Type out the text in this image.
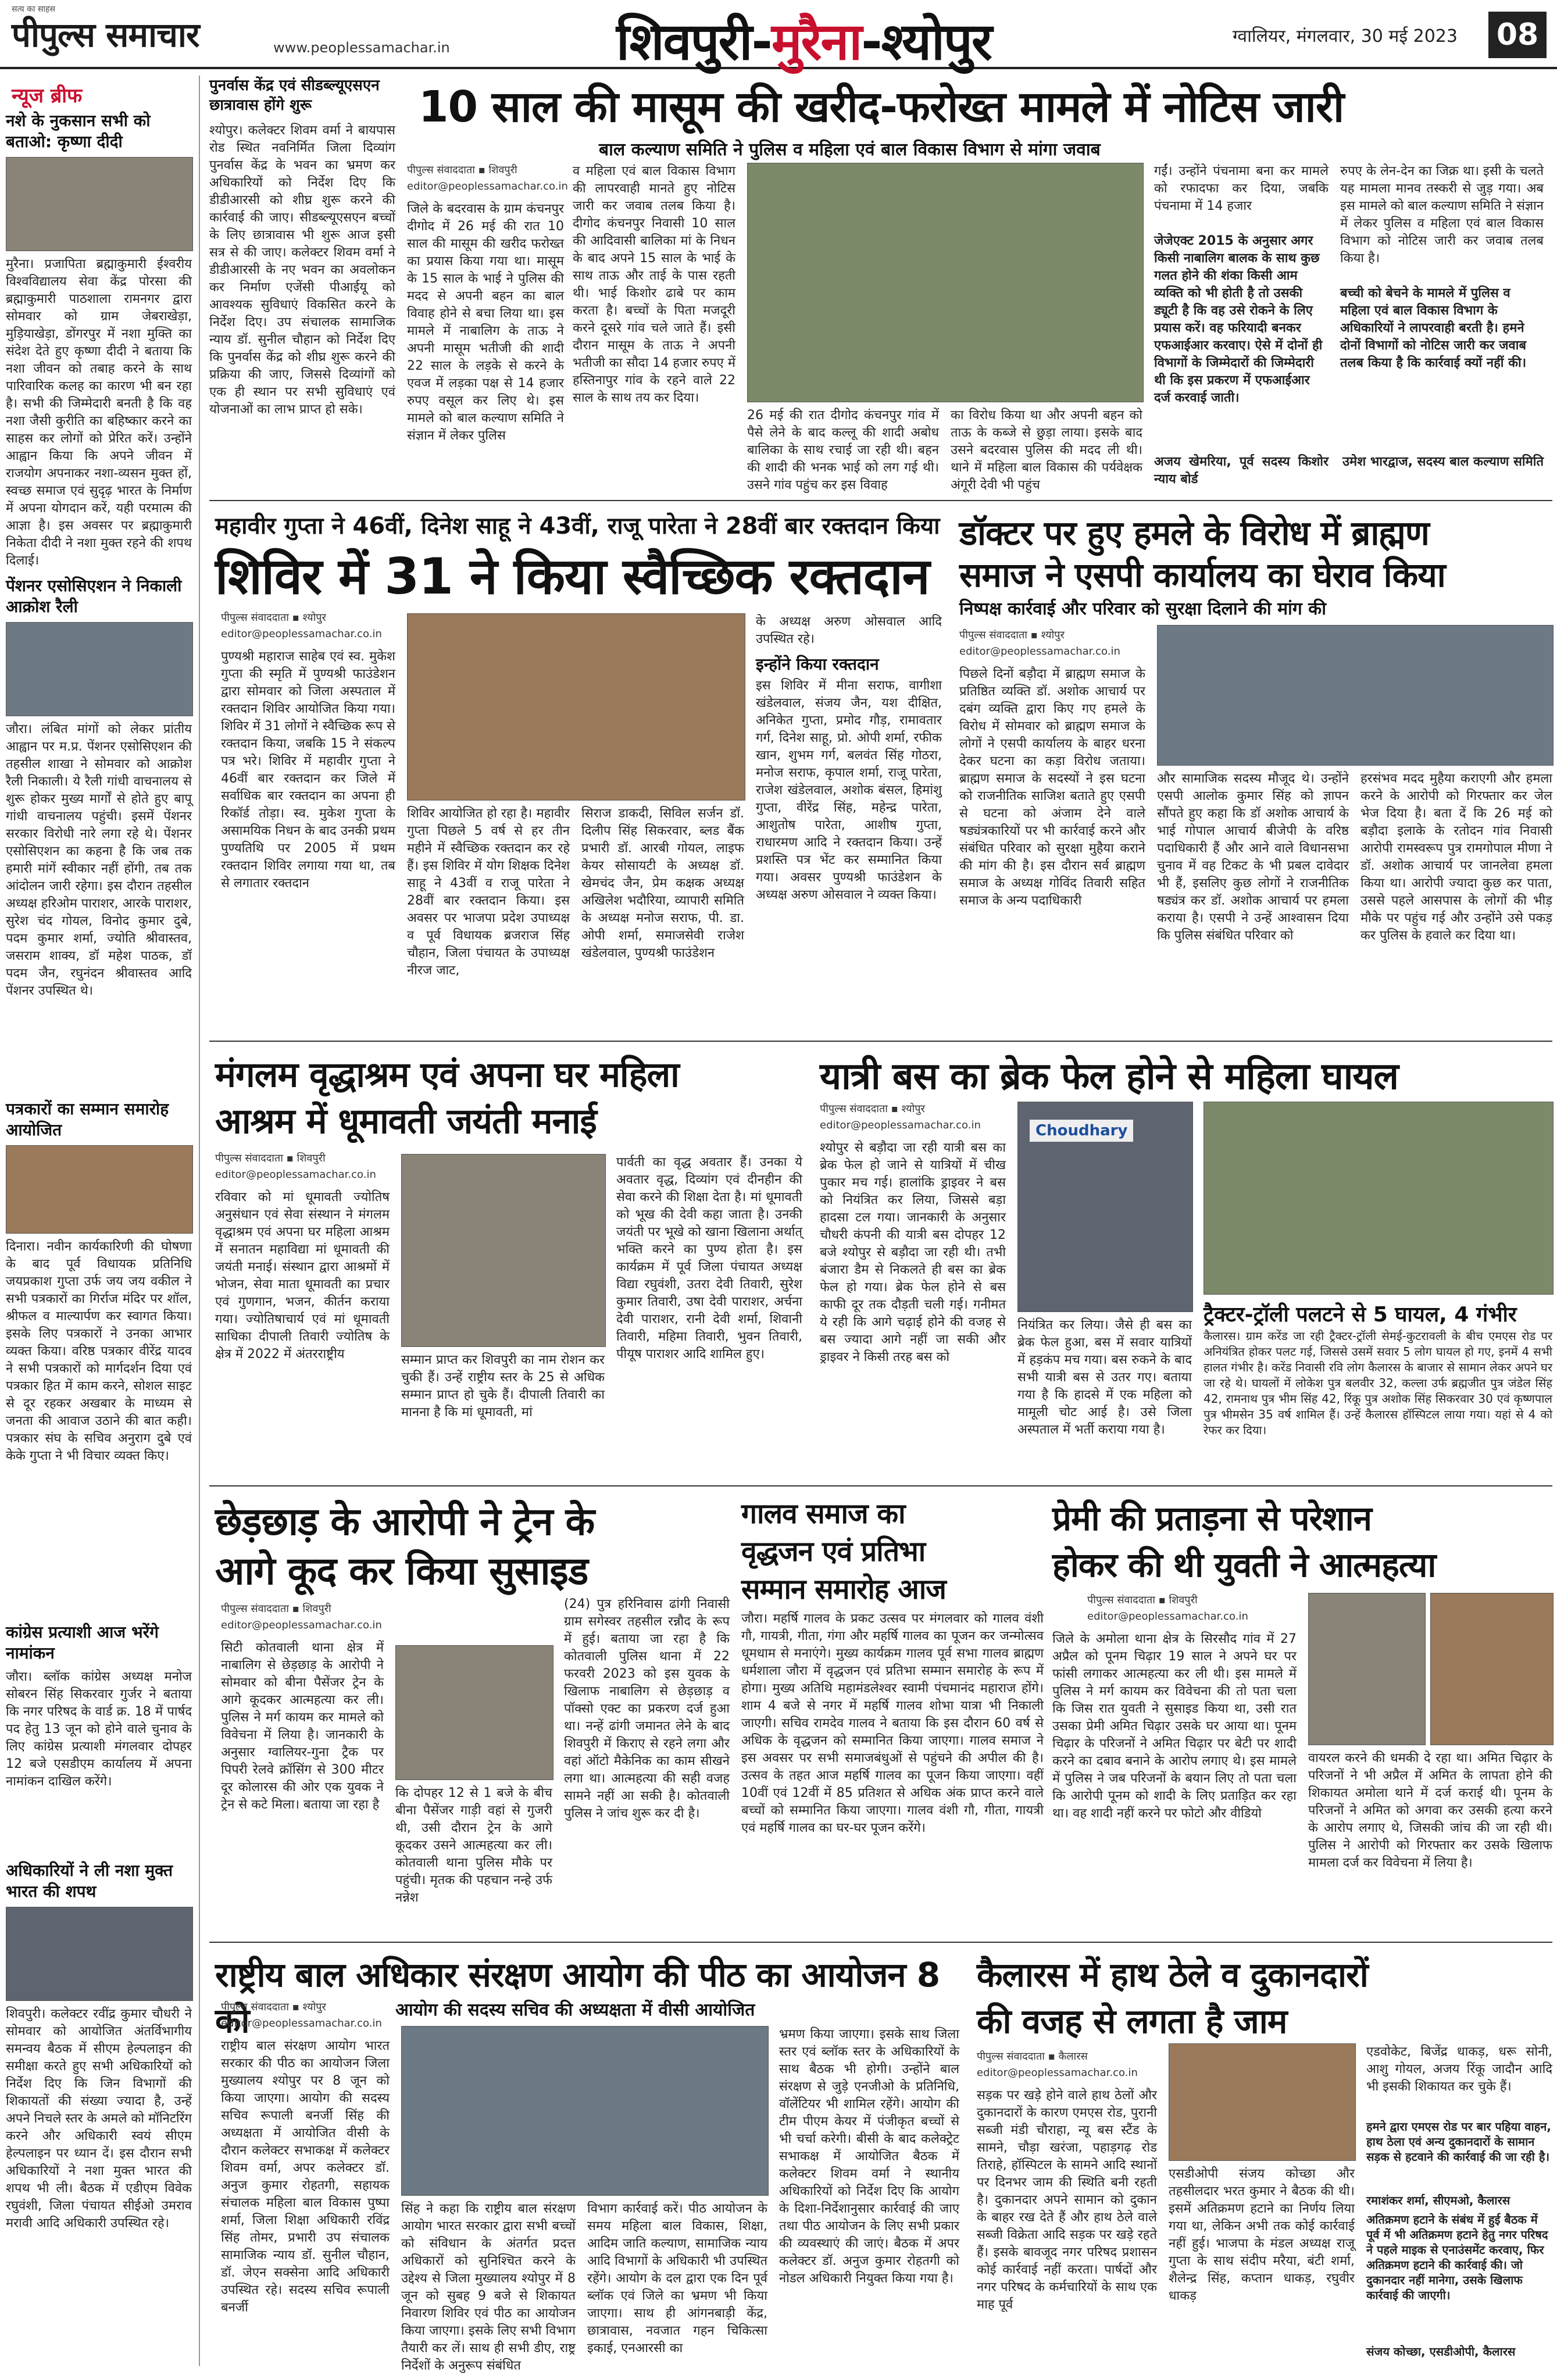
सत्य का साहस
पीपुल्स समाचार	www.peoplessamachar.in	शिवपुरी-मुरैना-श्योपुर	ग्वालियर, मंगलवार, 30 मई 2023 08
न्यूज ब्रीफ
नशे के नुकसान सभी को बताओ: कृष्णा दीदी
मुरैना। प्रजापिता ब्रह्माकुमारी ईश्वरीय विश्वविद्यालय सेवा केंद्र पोरसा की ब्रह्माकुमारी पाठशाला रामनगर द्वारा सोमवार को ग्राम जेबराखेड़ा, मुड़ियाखेड़ा, डोंगरपुर में नशा मुक्ति का संदेश देते हुए कृष्णा दीदी ने बताया कि नशा जीवन को तबाह करने के साथ पारिवारिक कलह का कारण भी बन रहा है। सभी की जिम्मेदारी बनती है कि वह नशा जैसी कुरीति का बहिष्कार करने का साहस कर लोगों को प्रेरित करें। उन्होंने आह्वान किया कि अपने जीवन में राजयोग अपनाकर नशा-व्यसन मुक्त हों, स्वच्छ समाज एवं सुदृढ़ भारत के निर्माण में अपना योगदान करें, यही परमात्म की आज्ञा है। इस अवसर पर ब्रह्माकुमारी निकेता दीदी ने नशा मुक्त रहने की शपथ दिलाई।
पेंशनर एसोसिएशन ने निकाली आक्रोश रैली
जौरा। लंबित मांगों को लेकर प्रांतीय आह्वान पर म.प्र. पेंशनर एसोसिएशन की तहसील शाखा ने सोमवार को आक्रोश रैली निकाली। ये रैली गांधी वाचनालय से शुरू होकर मुख्य मार्गों से होते हुए बापू गांधी वाचनालय पहुंची। इसमें पेंशनर सरकार विरोधी नारे लगा रहे थे। पेंशनर एसोसिएशन का कहना है कि जब तक हमारी मांगें स्वीकार नहीं होंगी, तब तक आंदोलन जारी रहेगा। इस दौरान तहसील अध्यक्ष हरिओम पाराशर, आरके पाराशर, सुरेश चंद गोयल, विनोद कुमार दुबे, पदम कुमार शर्मा, ज्योति श्रीवास्तव, जसराम शाक्य, डॉ महेश पाठक, डॉ पदम जैन, रघुनंदन श्रीवास्तव आदि पेंशनर उपस्थित थे।
पत्रकारों का सम्मान समारोह आयोजित
दिनारा। नवीन कार्यकारिणी की घोषणा के बाद पूर्व विधायक प्रतिनिधि जयप्रकाश गुप्ता उर्फ जय जय वकील ने सभी पत्रकारों का गिर्राज मंदिर पर शॉल, श्रीफल व माल्यार्पण कर स्वागत किया। इसके लिए पत्रकारों ने उनका आभार व्यक्त किया। वरिष्ठ पत्रकार वीरेंद्र यादव ने सभी पत्रकारों को मार्गदर्शन दिया एवं पत्रकार हित में काम करने, सोशल साइट से दूर रहकर अखबार के माध्यम से जनता की आवाज उठाने की बात कही। पत्रकार संघ के सचिव अनुराग दुबे एवं केके गुप्ता ने भी विचार व्यक्त किए।
कांग्रेस प्रत्याशी आज भरेंगे नामांकन
जौरा। ब्लॉक कांग्रेस अध्यक्ष मनोज सोबरन सिंह सिकरवार गुर्जर ने बताया कि नगर परिषद के वार्ड क्र. 18 में पार्षद पद हेतु 13 जून को होने वाले चुनाव के लिए कांग्रेस प्रत्याशी मंगलवार दोपहर 12 बजे एसडीएम कार्यालय में अपना नामांकन दाखिल करेंगे।
अधिकारियों ने ली नशा मुक्त भारत की शपथ
शिवपुरी। कलेक्टर रवींद्र कुमार चौधरी ने सोमवार को आयोजित अंतर्विभागीय समन्वय बैठक में सीएम हेल्पलाइन की समीक्षा करते हुए सभी अधिकारियों को निर्देश दिए कि जिन विभागों की शिकायतों की संख्या ज्यादा है, उन्हें अपने निचले स्तर के अमले को मॉनिटरिंग करने और अधिकारी स्वयं सीएम हेल्पलाइन पर ध्यान दें। इस दौरान सभी अधिकारियों ने नशा मुक्त भारत की शपथ भी ली। बैठक में एडीएम विवेक रघुवंशी, जिला पंचायत सीईओ उमराव मरावी आदि अधिकारी उपस्थित रहे।
पुनर्वास केंद्र एवं सीडब्ल्यूएसएन छात्रावास होंगे शुरू
श्योपुर। कलेक्टर शिवम वर्मा ने बायपास रोड स्थित नवनिर्मित जिला दिव्यांग पुनर्वास केंद्र के भवन का भ्रमण कर अधिकारियों को निर्देश दिए कि डीडीआरसी को शीघ्र शुरू करने की कार्रवाई की जाए। सीडब्ल्यूएसएन बच्चों के लिए छात्रावास भी शुरू आज इसी सत्र से की जाए। कलेक्टर शिवम वर्मा ने डीडीआरसी के नए भवन का अवलोकन कर निर्माण एजेंसी पीआईयू को आवश्यक सुविधाएं विकसित करने के निर्देश दिए। उप संचालक सामाजिक न्याय डॉ. सुनील चौहान को निर्देश दिए कि पुनर्वास केंद्र को शीघ्र शुरू करने की प्रक्रिया की जाए, जिससे दिव्यांगों को एक ही स्थान पर सभी सुविधाएं एवं योजनाओं का लाभ प्राप्त हो सके।
10 साल की मासूम की खरीद-फरोख्त मामले में नोटिस जारी
बाल कल्याण समिति ने पुलिस व महिला एवं बाल विकास विभाग से मांगा जवाब
पीपुल्स संवाददाता ▪ शिवपुरी
editor@peoplessamachar.co.in
जिले के बदरवास के ग्राम कंचनपुर दीगोद में 26 मई की रात 10 साल की मासूम की खरीद फरोख्त का प्रयास किया गया था। मासूम के 15 साल के भाई ने पुलिस की मदद से अपनी बहन का बाल विवाह होने से बचा लिया था। इस मामले में नाबालिग के ताऊ ने अपनी मासूम भतीजी की शादी 22 साल के लड़के से करने के एवज में लड़का पक्ष से 14 हजार रुपए वसूल कर लिए थे। इस मामले को बाल कल्याण समिति ने संज्ञान में लेकर पुलिस
व महिला एवं बाल विकास विभाग की लापरवाही मानते हुए नोटिस जारी कर जवाब तलब किया है। दीगोद कंचनपुर निवासी 10 साल की आदिवासी बालिका मां के निधन के बाद अपने 15 साल के भाई के साथ ताऊ और ताई के पास रहती थी। भाई किशोर ढाबे पर काम करता है। बच्चों के पिता मजदूरी करने दूसरे गांव चले जाते हैं। इसी दौरान मासूम के ताऊ ने अपनी भतीजी का सौदा 14 हजार रुपए में हस्तिनापुर गांव के रहने वाले 22 साल के साथ तय कर दिया।
26 मई की रात दीगोद कंचनपुर गांव में पैसे लेने के बाद कल्लू की शादी अबोध बालिका के साथ रचाई जा रही थी। बहन की शादी की भनक भाई को लग गई थी। उसने गांव पहुंच कर इस विवाह
का विरोध किया था और अपनी बहन को ताऊ के कब्जे से छुड़ा लाया। इसके बाद उसने बदरवास पुलिस की मदद ली थी। थाने में महिला बाल विकास की पर्यवेक्षक अंगूरी देवी भी पहुंच
गईं। उन्होंने पंचनामा बना कर मामले को रफादफा कर दिया, जबकि पंचनामा में 14 हजार
जेजेएक्ट 2015 के अनुसार अगर किसी नाबालिग बालक के साथ कुछ गलत होने की शंका किसी आम व्यक्ति को भी होती है तो उसकी ड्यूटी है कि वह उसे रोकने के लिए प्रयास करें। वह फरियादी बनकर एफआईआर करवाए। ऐसे में दोनों ही विभागों के जिम्मेदारों की जिम्मेदारी थी कि इस प्रकरण में एफआईआर दर्ज करवाई जाती।
अजय खेमरिया, पूर्व सदस्य किशोर न्याय बोर्ड
रुपए के लेन-देन का जिक्र था। इसी के चलते यह मामला मानव तस्करी से जुड़ गया। अब इस मामले को बाल कल्याण समिति ने संज्ञान में लेकर पुलिस व महिला एवं बाल विकास विभाग को नोटिस जारी कर जवाब तलब किया है।
बच्ची को बेचने के मामले में पुलिस व महिला एवं बाल विकास विभाग के अधिकारियों ने लापरवाही बरती है। हमने दोनों विभागों को नोटिस जारी कर जवाब तलब किया है कि कार्रवाई क्यों नहीं की।
उमेश भारद्वाज, सदस्य बाल कल्याण समिति
महावीर गुप्ता ने 46वीं, दिनेश साहू ने 43वीं, राजू पारेता ने 28वीं बार रक्तदान किया
शिविर में 31 ने किया स्वैच्छिक रक्तदान
पीपुल्स संवाददाता ▪ श्योपुर
editor@peoplessamachar.co.in
पुण्यश्री महाराज साहेब एवं स्व. मुकेश गुप्ता की स्मृति में पुण्यश्री फाउंडेशन द्वारा सोमवार को जिला अस्पताल में रक्तदान शिविर आयोजित किया गया। शिविर में 31 लोगों ने स्वैच्छिक रूप से रक्तदान किया, जबकि 15 ने संकल्प पत्र भरे। शिविर में महावीर गुप्ता ने 46वीं बार रक्तदान कर जिले में सर्वाधिक बार रक्तदान का अपना ही रिकॉर्ड तोड़ा। स्व. मुकेश गुप्ता के असामयिक निधन के बाद उनकी प्रथम पुण्यतिथि पर 2005 में प्रथम रक्तदान शिविर लगाया गया था, तब से लगातार रक्तदान
शिविर आयोजित हो रहा है। महावीर गुप्ता पिछले 5 वर्ष से हर तीन महीने में स्वैच्छिक रक्तदान कर रहे हैं। इस शिविर में योग शिक्षक दिनेश साहू ने 43वीं व राजू पारेता ने 28वीं बार रक्तदान किया। इस अवसर पर भाजपा प्रदेश उपाध्यक्ष व पूर्व विधायक ब्रजराज सिंह चौहान, जिला पंचायत के उपाध्यक्ष नीरज जाट,
सिराज डाकदी, सिविल सर्जन डॉ. दिलीप सिंह सिकरवार, ब्लड बैंक प्रभारी डॉ. आरबी गोयल, लाइफ केयर सोसायटी के अध्यक्ष डॉ. खेमचंद जैन, प्रेम कक्षक अध्यक्ष अखिलेश भदौरिया, व्यापारी समिति के अध्यक्ष मनोज सराफ, पी. डा. ओपी शर्मा, समाजसेवी राजेश खंडेलवाल, पुण्यश्री फाउंडेशन
के अध्यक्ष अरुण ओसवाल आदि उपस्थित रहे।
इन्होंने किया रक्तदान
इस शिविर में मीना सराफ, वागीशा खंडेलवाल, संजय जैन, यश दीक्षित, अनिकेत गुप्ता, प्रमोद गौड़, रामावतार गर्ग, दिनेश साहू, प्रो. ओपी शर्मा, रफीक खान, शुभम गर्ग, बलवंत सिंह गोठरा, मनोज सराफ, कृपाल शर्मा, राजू पारेता, राजेश खंडेलवाल, अशोक बंसल, हिमांशु गुप्ता, वीरेंद्र सिंह, महेन्द्र पारेता, आशुतोष पारेता, आशीष गुप्ता, राधारमण आदि ने रक्तदान किया। उन्हें प्रशस्ति पत्र भेंट कर सम्मानित किया गया। अवसर पुण्यश्री फाउंडेशन के अध्यक्ष अरुण ओसवाल ने व्यक्त किया।
डॉक्टर पर हुए हमले के विरोध में ब्राह्मण
समाज ने एसपी कार्यालय का घेराव किया
निष्पक्ष कार्रवाई और परिवार को सुरक्षा दिलाने की मांग की
पीपुल्स संवाददाता ▪ श्योपुर
editor@peoplessamachar.co.in
पिछले दिनों बड़ौदा में ब्राह्मण समाज के प्रतिष्ठित व्यक्ति डॉ. अशोक आचार्य पर दबंग व्यक्ति द्वारा किए गए हमले के विरोध में सोमवार को ब्राह्मण समाज के लोगों ने एसपी कार्यालय के बाहर धरना देकर घटना का कड़ा विरोध जताया। ब्राह्मण समाज के सदस्यों ने इस घटना को राजनीतिक साजिश बताते हुए एसपी से घटना को अंजाम देने वाले षड्यंत्रकारियों पर भी कार्रवाई करने और संबंधित परिवार को सुरक्षा मुहैया कराने की मांग की है। इस दौरान सर्व ब्राह्मण समाज के अध्यक्ष गोविंद तिवारी सहित समाज के अन्य पदाधिकारी
और सामाजिक सदस्य मौजूद थे। उन्होंने एसपी आलोक कुमार सिंह को ज्ञापन सौंपते हुए कहा कि डॉ अशोक आचार्य के भाई गोपाल आचार्य बीजेपी के वरिष्ठ पदाधिकारी हैं और आने वाले विधानसभा चुनाव में वह टिकट के भी प्रबल दावेदार भी हैं, इसलिए कुछ लोगों ने राजनीतिक षड्यंत्र कर डॉ. अशोक आचार्य पर हमला कराया है। एसपी ने उन्हें आश्वासन दिया कि पुलिस संबंधित परिवार को
हरसंभव मदद मुहैया कराएगी और हमला करने के आरोपी को गिरफ्तार कर जेल भेज दिया है। बता दें कि 26 मई को बड़ौदा इलाके के रतोदन गांव निवासी आरोपी रामस्वरूप पुत्र रामगोपाल मीणा ने डॉ. अशोक आचार्य पर जानलेवा हमला किया था। आरोपी ज्यादा कुछ कर पाता, उससे पहले आसपास के लोगों की भीड़ मौके पर पहुंच गई और उन्होंने उसे पकड़ कर पुलिस के हवाले कर दिया था।
मंगलम वृद्धाश्रम एवं अपना घर महिला
आश्रम में धूमावती जयंती मनाई
पीपुल्स संवाददाता ▪ शिवपुरी
editor@peoplessamachar.co.in
रविवार को मां धूमावती ज्योतिष अनुसंधान एवं सेवा संस्थान ने मंगलम वृद्धाश्रम एवं अपना घर महिला आश्रम में सनातन महाविद्या मां धूमावती की जयंती मनाई। संस्थान द्वारा आश्रमों में भोजन, सेवा माता धूमावती का प्रचार एवं गुणगान, भजन, कीर्तन कराया गया। ज्योतिषाचार्य एवं मां धूमावती साधिका दीपाली तिवारी ज्योतिष के क्षेत्र में 2022 में अंतरराष्ट्रीय	सम्मान प्राप्त कर शिवपुरी का नाम रोशन कर चुकी हैं। उन्हें राष्ट्रीय स्तर के 25 से अधिक सम्मान प्राप्त हो चुके हैं। दीपाली तिवारी का मानना है कि मां धूमावती, मां
पार्वती का वृद्ध अवतार हैं। उनका ये अवतार वृद्ध, दिव्यांग एवं दीनहीन की सेवा करने की शिक्षा देता है। मां धूमावती को भूख की देवी कहा जाता है। उनकी जयंती पर भूखे को खाना खिलाना अर्थात् भक्ति करने का पुण्य होता है। इस कार्यक्रम में पूर्व जिला पंचायत अध्यक्ष विद्या रघुवंशी, उतरा देवी तिवारी, सुरेश कुमार तिवारी, उषा देवी पाराशर, अर्चना देवी पाराशर, रानी देवी शर्मा, शिवानी तिवारी, महिमा तिवारी, भुवन तिवारी, पीयूष पाराशर आदि शामिल हुए।
यात्री बस का ब्रेक फेल होने से महिला घायल
पीपुल्स संवाददाता ▪ श्योपुर
editor@peoplessamachar.co.in
श्योपुर से बड़ौदा जा रही यात्री बस का ब्रेक फेल हो जाने से यात्रियों में चीख पुकार मच गई। हालांकि ड्राइवर ने बस को नियंत्रित कर लिया, जिससे बड़ा हादसा टल गया। जानकारी के अनुसार चौधरी कंपनी की यात्री बस दोपहर 12 बजे श्योपुर से बड़ौदा जा रही थी। तभी बंजारा डैम से निकलते ही बस का ब्रेक फेल हो गया। ब्रेक फेल होने से बस काफी दूर तक दौड़ती चली गई। गनीमत ये रही कि आगे चढ़ाई होने की वजह से बस ज्यादा आगे नहीं जा सकी और ड्राइवर ने किसी तरह बस को
Choudhary
नियंत्रित कर लिया। जैसे ही बस का ब्रेक फेल हुआ, बस में सवार यात्रियों में हड़कंप मच गया। बस रुकने के बाद सभी यात्री बस से उतर गए। बताया गया है कि हादसे में एक महिला को मामूली चोट आई है। उसे जिला अस्पताल में भर्ती कराया गया है।
ट्रैक्टर-ट्रॉली पलटने से 5 घायल, 4 गंभीर
कैलारस। ग्राम करेंड जा रही ट्रैक्टर-ट्रॉली सेमई-कुटरावली के बीच एमएस रोड पर अनियंत्रित होकर पलट गई, जिससे उसमें सवार 5 लोग घायल हो गए, इनमें 4 सभी हालत गंभीर है। करेंड निवासी रवि लोग कैलारस के बाजार से सामान लेकर अपने घर जा रहे थे। घायलों में लोकेश पुत्र बलवीर 32, कल्ला उर्फ ब्रह्मजीत पुत्र जंडेल सिंह 42, रामनाथ पुत्र भीम सिंह 42, रिंकू पुत्र अशोक सिंह सिकरवार 30 एवं कृष्णपाल पुत्र भीमसेन 35 वर्ष शामिल हैं। उन्हें कैलारस हॉस्पिटल लाया गया। यहां से 4 को रेफर कर दिया।
छेड़छाड़ के आरोपी ने ट्रेन के
आगे कूद कर किया सुसाइड
पीपुल्स संवाददाता ▪ शिवपुरी
editor@peoplessamachar.co.in
सिटी कोतवाली थाना क्षेत्र में नाबालिग से छेड़छाड़ के आरोपी ने सोमवार को बीना पैसेंजर ट्रेन के आगे कूदकर आत्महत्या कर ली। पुलिस ने मर्ग कायम कर मामले को विवेचना में लिया है। जानकारी के अनुसार ग्वालियर-गुना ट्रैक पर पिपरी रेलवे क्रॉसिंग से 300 मीटर दूर कोलारस की ओर एक युवक ने ट्रेन से कटे मिला। बताया जा रहा है
कि दोपहर 12 से 1 बजे के बीच बीना पैसेंजर गाड़ी वहां से गुजरी थी, उसी दौरान ट्रेन के आगे कूदकर उसने आत्महत्या कर ली। कोतवाली थाना पुलिस मौके पर पहुंची। मृतक की पहचान नन्हे उर्फ नन्नेश
(24) पुत्र हरिनिवास ढांगी निवासी ग्राम सगेस्वर तहसील रन्नौद के रूप में हुई। बताया जा रहा है कि कोतवाली पुलिस थाना में 22 फरवरी 2023 को इस युवक के खिलाफ नाबालिग से छेड़छाड़ व पॉक्सो एक्ट का प्रकरण दर्ज हुआ था। नन्हें ढांगी जमानत लेने के बाद शिवपुरी में किराए से रहने लगा और वहां ऑटो मैकेनिक का काम सीखने लगा था। आत्महत्या की सही वजह सामने नहीं आ सकी है। कोतवाली पुलिस ने जांच शुरू कर दी है।
गालव समाज का
वृद्धजन एवं प्रतिभा
सम्मान समारोह आज
जौरा। महर्षि गालव के प्रकट उत्सव पर मंगलवार को गालव वंशी गौ, गायत्री, गीता, गंगा और महर्षि गालव का पूजन कर जन्मोत्सव धूमधाम से मनाएंगे। मुख्य कार्यक्रम गालव पूर्व सभा गालव ब्राह्मण धर्मशाला जौरा में वृद्धजन एवं प्रतिभा सम्मान समारोह के रूप में होगा। मुख्य अतिथि महामंडलेश्वर स्वामी पंचमानंद महाराज होंगे। शाम 4 बजे से नगर में महर्षि गालव शोभा यात्रा भी निकाली जाएगी। सचिव रामदेव गालव ने बताया कि इस दौरान 60 वर्ष से अधिक के वृद्धजन को सम्मानित किया जाएगा। गालव समाज ने इस अवसर पर सभी समाजबंधुओं से पहुंचने की अपील की है। उत्सव के तहत आज महर्षि गालव का पूजन किया जाएगा। वहीं 10वीं एवं 12वीं में 85 प्रतिशत से अधिक अंक प्राप्त करने वाले बच्चों को सम्मानित किया जाएगा। गालव वंशी गौ, गीता, गायत्री एवं महर्षि गालव का घर-घर पूजन करेंगे।
प्रेमी की प्रताड़ना से परेशान
होकर की थी युवती ने आत्महत्या
पीपुल्स संवाददाता ▪ शिवपुरी
editor@peoplessamachar.co.in
जिले के अमोला थाना क्षेत्र के सिरसौद गांव में 27 अप्रैल को पूनम चिढ़ार 19 साल ने अपने घर पर फांसी लगाकर आत्महत्या कर ली थी। इस मामले में पुलिस ने मर्ग कायम कर विवेचना की तो पता चला कि जिस रात युवती ने सुसाइड किया था, उसी रात उसका प्रेमी अमित चिढ़ार उसके घर आया था। पूनम चिढ़ार के परिजनों ने अमित चिढ़ार पर बेटी पर शादी करने का दबाव बनाने के आरोप लगाए थे। इस मामले में पुलिस ने जब परिजनों के बयान लिए तो पता चला कि आरोपी पूनम को शादी के लिए प्रताड़ित कर रहा था। वह शादी नहीं करने पर फोटो और वीडियो
वायरल करने की धमकी दे रहा था। अमित चिढ़ार के परिजनों ने भी अप्रैल में अमित के लापता होने की शिकायत अमोला थाने में दर्ज कराई थी। पूनम के परिजनों ने अमित को अगवा कर उसकी हत्या करने के आरोप लगाए थे, जिसकी जांच की जा रही थी। पुलिस ने आरोपी को गिरफ्तार कर उसके खिलाफ मामला दर्ज कर विवेचना में लिया है।
राष्ट्रीय बाल अधिकार संरक्षण आयोग की पीठ का आयोजन 8 को	आयोग की सदस्य सचिव की अध्यक्षता में वीसी आयोजित
पीपुल्स संवाददाता ▪ श्योपुर
editor@peoplessamachar.co.in
राष्ट्रीय बाल संरक्षण आयोग भारत सरकार की पीठ का आयोजन जिला मुख्यालय श्योपुर पर 8 जून को किया जाएगा। आयोग की सदस्य सचिव रूपाली बनर्जी सिंह की अध्यक्षता में आयोजित वीसी के दौरान कलेक्टर सभाकक्ष में कलेक्टर शिवम वर्मा, अपर कलेक्टर डॉ. अनुज कुमार रोहतगी, सहायक संचालक महिला बाल विकास पुष्पा शर्मा, जिला शिक्षा अधिकारी रविंद्र सिंह तोमर, प्रभारी उप संचालक सामाजिक न्याय डॉ. सुनील चौहान, डॉ. जेएन सक्सेना आदि अधिकारी उपस्थित रहे। सदस्य सचिव रूपाली बनर्जी
सिंह ने कहा कि राष्ट्रीय बाल संरक्षण आयोग भारत सरकार द्वारा सभी बच्चों को संविधान के अंतर्गत प्रदत्त अधिकारों को सुनिश्चित करने के उद्देश्य से जिला मुख्यालय श्योपुर में 8 जून को सुबह 9 बजे से शिकायत निवारण शिविर एवं पीठ का आयोजन किया जाएगा। इसके लिए सभी विभाग तैयारी कर लें। साथ ही सभी डीए, राष्ट्र निर्देशों के अनुरूप संबंधित
विभाग कार्रवाई करें। पीठ आयोजन के समय महिला बाल विकास, शिक्षा, आदिम जाति कल्याण, सामाजिक न्याय आदि विभागों के अधिकारी भी उपस्थित रहेंगे। आयोग के दल द्वारा एक दिन पूर्व ब्लॉक एवं जिले का भ्रमण भी किया जाएगा। साथ ही आंगनबाड़ी केंद्र, छात्रावास, नवजात गहन चिकित्सा इकाई, एनआरसी का
भ्रमण किया जाएगा। इसके साथ जिला स्तर एवं ब्लॉक स्तर के अधिकारियों के साथ बैठक भी होगी। उन्होंने बाल संरक्षण से जुड़े एनजीओ के प्रतिनिधि, वॉलेंटियर भी शामिल रहेंगे। आयोग की टीम पीएम केयर में पंजीकृत बच्चों से भी चर्चा करेगी। बीसी के बाद कलेक्ट्रेट सभाकक्ष में आयोजित बैठक में कलेक्टर शिवम वर्मा ने स्थानीय अधिकारियों को निर्देश दिए कि आयोग के दिशा-निर्देशानुसार कार्रवाई की जाए तथा पीठ आयोजन के लिए सभी प्रकार की व्यवस्थाएं की जाएं। बैठक में अपर कलेक्टर डॉ. अनुज कुमार रोहतगी को नोडल अधिकारी नियुक्त किया गया है।
कैलारस में हाथ ठेले व दुकानदारों
की वजह से लगता है जाम
पीपुल्स संवाददाता ▪ कैलारस
editor@peoplessamachar.co.in
सड़क पर खड़े होने वाले हाथ ठेलों और दुकानदारों के कारण एमएस रोड, पुरानी सब्जी मंडी चौराहा, न्यू बस स्टैंड के सामने, चौड़ा खरंजा, पहाड़गढ़ रोड तिराहे, हॉस्पिटल के सामने आदि स्थानों पर दिनभर जाम की स्थिति बनी रहती है। दुकानदार अपने सामान को दुकान के बाहर रख देते हैं और हाथ ठेले वाले सब्जी विक्रेता आदि सड़क पर खड़े रहते हैं। इसके बावजूद नगर परिषद प्रशासन कोई कार्रवाई नहीं करता। पार्षदों और नगर परिषद के कर्मचारियों के साथ एक माह पूर्व
एसडीओपी संजय कोच्छा और तहसीलदार भरत कुमार ने बैठक की थी। इसमें अतिक्रमण हटाने का निर्णय लिया गया था, लेकिन अभी तक कोई कार्रवाई नहीं हुई। भाजपा के मंडल अध्यक्ष राजू गुप्ता के साथ संदीप मरैया, बंटी शर्मा, शैलेन्द्र सिंह, कप्तान धाकड़, रघुवीर धाकड़
एडवोकेट, बिजेंद्र धाकड़, धरू सोनी, आशु गोयल, अजय रिंकू जादौन आदि भी इसकी शिकायत कर चुके हैं।
हमने द्वारा एमएस रोड पर बार पहिया वाहन, हाथ ठेला एवं अन्य दुकानदारों के सामान सड़क से हटवाने की कार्रवाई की जा रही है।
रमाशंकर शर्मा, सीएमओ, कैलारस
अतिक्रमण हटाने के संबंध में हुई बैठक में पूर्व में भी अतिक्रमण हटाने हेतु नगर परिषद ने पहले माइक से एनाउंसमेंट करवाए, फिर अतिक्रमण हटाने की कार्रवाई की। जो दुकानदार नहीं मानेगा, उसके खिलाफ कार्रवाई की जाएगी।
संजय कोच्छा, एसडीओपी, कैलारस
